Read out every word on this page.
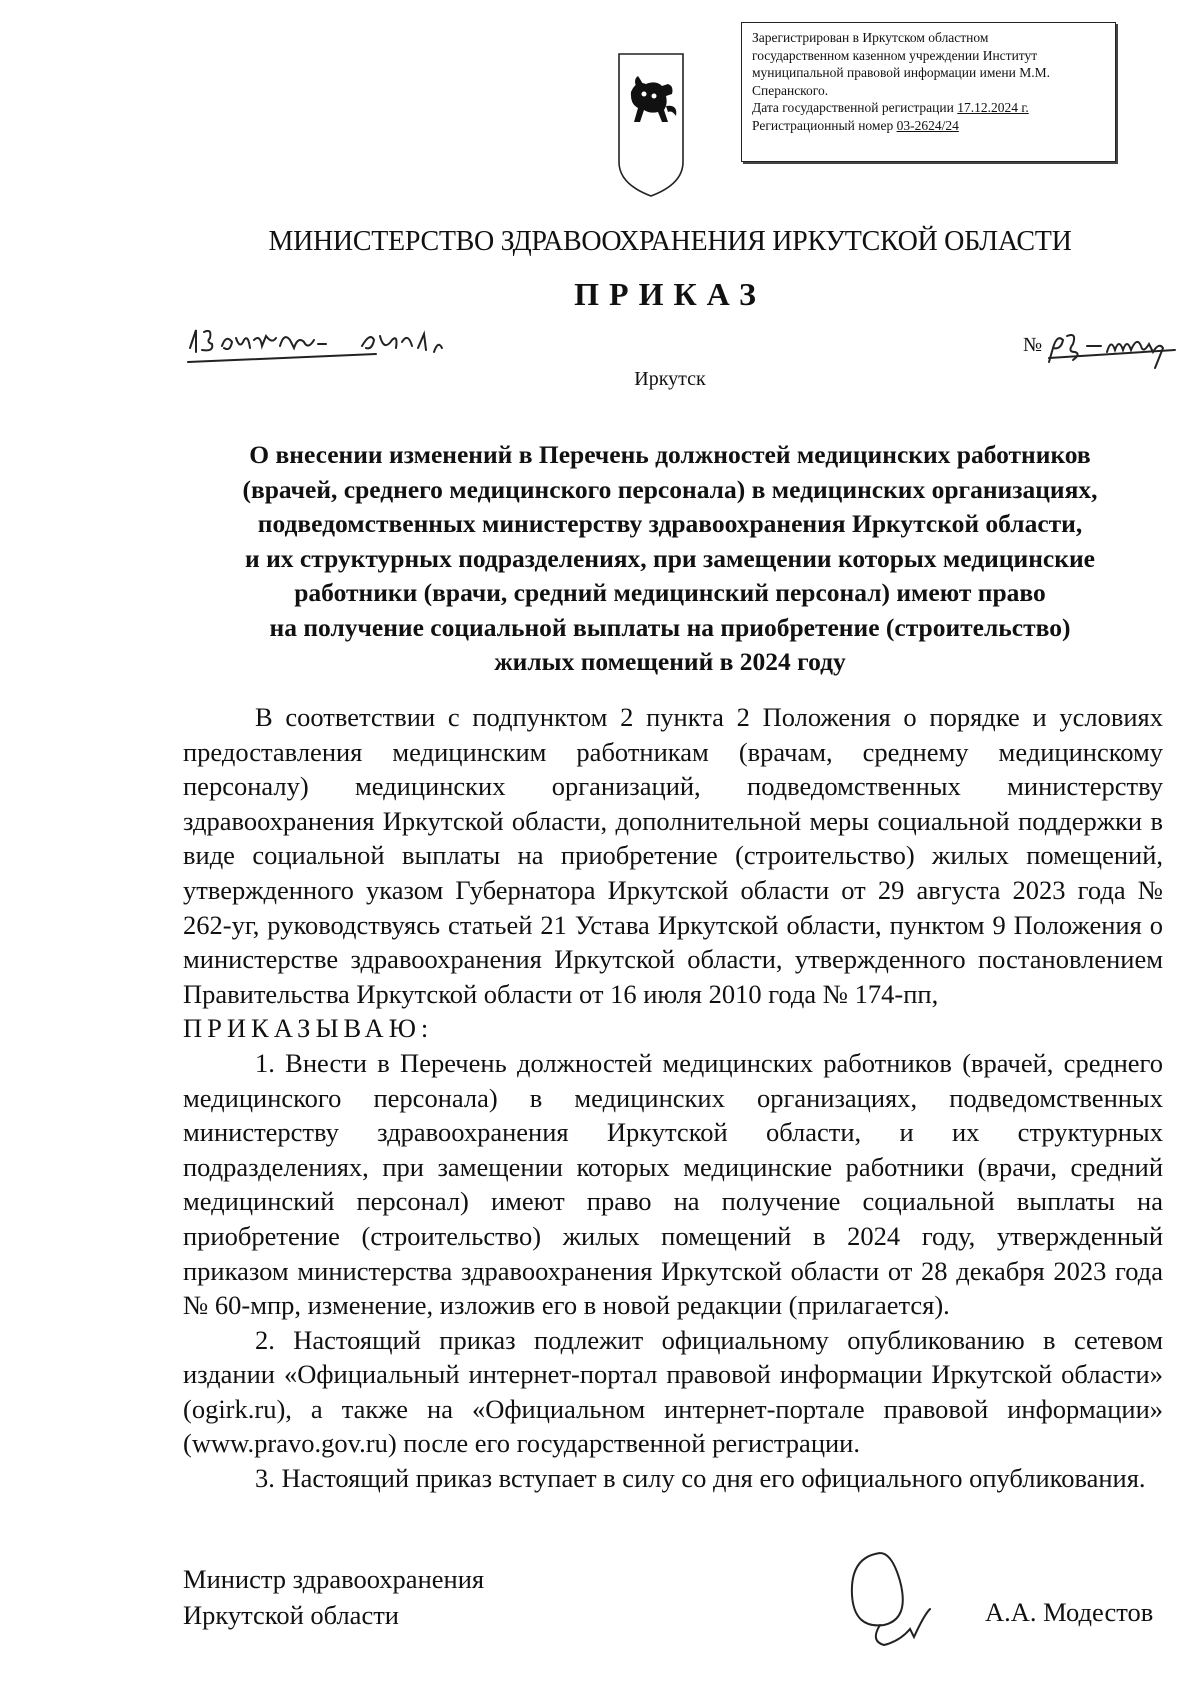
Зарегистрирован в Иркутском областном
государственном казенном учреждении Институт
муниципальной правовой информации имени М.М.
Сперанского.
Дата государственной регистрации 17.12.2024 г.
Регистрационный номер 03-2624/24
МИНИСТЕРСТВО ЗДРАВООХРАНЕНИЯ ИРКУТСКОЙ ОБЛАСТИ
ПРИКАЗ
№
Иркутск
О внесении изменений в Перечень должностей медицинских работников
(врачей, среднего медицинского персонала) в медицинских организациях,
подведомственных министерству здравоохранения Иркутской области,
и их структурных подразделениях, при замещении которых медицинские
работники (врачи, средний медицинский персонал) имеют право
на получение социальной выплаты на приобретение (строительство)
жилых помещений в 2024 году

В соответствии с подпунктом 2 пункта 2 Положения о порядке и условиях предоставления медицинским работникам (врачам, среднему медицинскому персоналу) медицинских организаций, подведомственных министерству здравоохранения Иркутской области, дополнительной меры социальной поддержки в виде социальной выплаты на приобретение (строительство) жилых помещений, утвержденного указом Губернатора Иркутской области от 29 августа 2023 года № 262-уг, руководствуясь статьей 21 Устава Иркутской области, пунктом 9 Положения о министерстве здравоохранения Иркутской области, утвержденного постановлением Правительства Иркутской области от 16 июля 2010 года № 174-пп,

ПРИКАЗЫВАЮ:

1. Внести в Перечень должностей медицинских работников (врачей, среднего медицинского персонала) в медицинских организациях, подведомственных министерству здравоохранения Иркутской области, и их структурных подразделениях, при замещении которых медицинские работники (врачи, средний медицинский персонал) имеют право на получение социальной выплаты на приобретение (строительство) жилых помещений в 2024 году, утвержденный приказом министерства здравоохранения Иркутской области от 28 декабря 2023 года № 60-мпр, изменение, изложив его в новой редакции (прилагается).

2. Настоящий приказ подлежит официальному опубликованию в сетевом издании «Официальный интернет-портал правовой информации Иркутской области» (ogirk.ru), а также на «Официальном интернет-портале правовой информации» (www.pravo.gov.ru) после его государственной регистрации.

3. Настоящий приказ вступает в силу со дня его официального опубликования.

Министр здравоохранения
Иркутской области	А.А. Модестов
